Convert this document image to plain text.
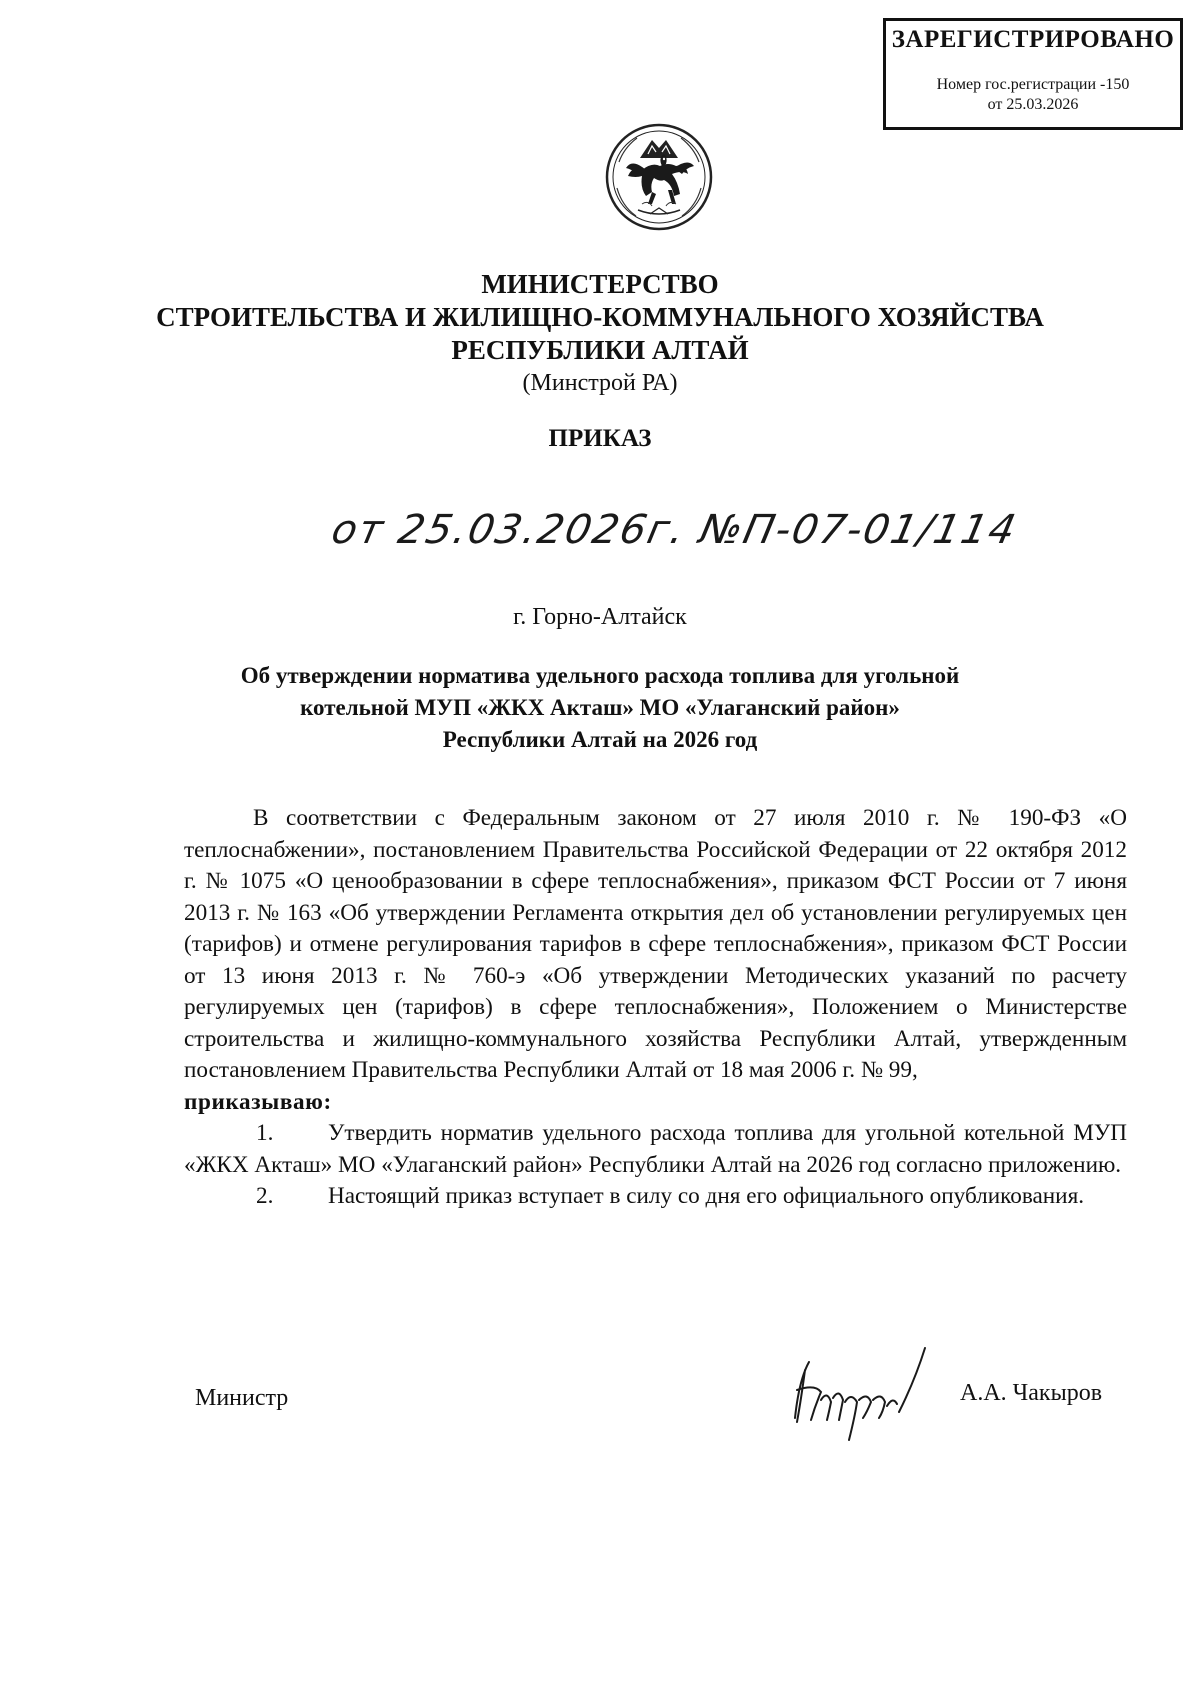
ЗАРЕГИСТРИРОВАНО
Номер гос.регистрации -150
от 25.03.2026
МИНИСТЕРСТВО
СТРОИТЕЛЬСТВА И ЖИЛИЩНО-КОММУНАЛЬНОГО ХОЗЯЙСТВА
РЕСПУБЛИКИ АЛТАЙ
(Минстрой РА)
ПРИКАЗ
от 25.03.2026г. №П-07-01/114
г. Горно-Алтайск
Об утверждении норматива удельного расхода топлива для угольной
котельной МУП «ЖКХ Акташ» МО «Улаганский район»
Республики Алтай на 2026 год

В соответствии с Федеральным законом от 27 июля 2010 г. № 190-ФЗ «О теплоснабжении», постановлением Правительства Российской Федерации от 22 октября 2012 г. № 1075 «О ценообразовании в сфере теплоснабжения», приказом ФСТ России от 7 июня 2013 г. № 163 «Об утверждении Регламента открытия дел об установлении регулируемых цен (тарифов) и отмене регулирования тарифов в сфере теплоснабжения», приказом ФСТ России от 13 июня 2013 г. № 760-э «Об утверждении Методических указаний по расчету регулируемых цен (тарифов) в сфере теплоснабжения», Положением о Министерстве строительства и жилищно-коммунального хозяйства Республики Алтай, утвержденным постановлением Правительства Республики Алтай от 18 мая 2006 г. № 99,

приказываю:

1. Утвердить норматив удельного расхода топлива для угольной котельной МУП «ЖКХ Акташ» МО «Улаганский район» Республики Алтай на 2026 год согласно приложению.

2. Настоящий приказ вступает в силу со дня его официального опубликования.

Министр	А.А. Чакыров
